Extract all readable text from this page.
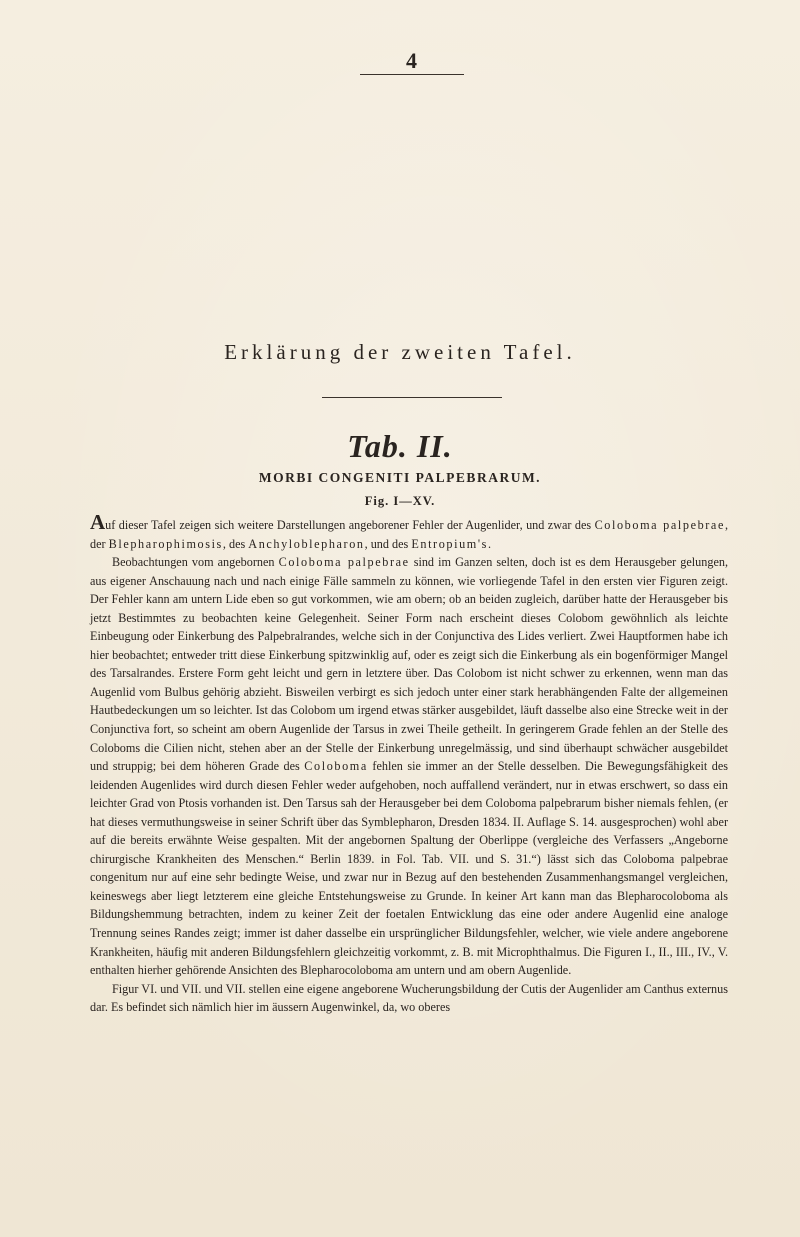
4
Erklärung der zweiten Tafel.
Tab. II.
MORBI CONGENITI PALPEBRARUM.
Fig. I—XV.

Auf dieser Tafel zeigen sich weitere Darstellungen angeborener Fehler der Augenlider, und zwar des Coloboma palpebrae, der Blepharophimosis, des Anchyloblepharon, und des Entropium's.

Beobachtungen vom angebornen Coloboma palpebrae sind im Ganzen selten, doch ist es dem Herausgeber gelungen, aus eigener Anschauung nach und nach einige Fälle sammeln zu können, wie vorliegende Tafel in den ersten vier Figuren zeigt. Der Fehler kann am untern Lide eben so gut vorkommen, wie am obern; ob an beiden zugleich, darüber hatte der Herausgeber bis jetzt Bestimmtes zu beobachten keine Gelegenheit. Seiner Form nach erscheint dieses Colobom gewöhnlich als leichte Einbeugung oder Einkerbung des Palpebralrandes, welche sich in der Conjunctiva des Lides verliert. Zwei Hauptformen habe ich hier beobachtet; entweder tritt diese Einkerbung spitzwinklig auf, oder es zeigt sich die Einkerbung als ein bogenförmiger Mangel des Tarsalrandes. Erstere Form geht leicht und gern in letztere über. Das Colobom ist nicht schwer zu erkennen, wenn man das Augenlid vom Bulbus gehörig abzieht. Bisweilen verbirgt es sich jedoch unter einer stark herabhängenden Falte der allgemeinen Hautbedeckungen um so leichter. Ist das Colobom um irgend etwas stärker ausgebildet, läuft dasselbe also eine Strecke weit in der Conjunctiva fort, so scheint am obern Augenlide der Tarsus in zwei Theile getheilt. In geringerem Grade fehlen an der Stelle des Coloboms die Cilien nicht, stehen aber an der Stelle der Einkerbung unregelmässig, und sind überhaupt schwächer ausgebildet und struppig; bei dem höheren Grade des Coloboma fehlen sie immer an der Stelle desselben. Die Bewegungsfähigkeit des leidenden Augenlides wird durch diesen Fehler weder aufgehoben, noch auffallend verändert, nur in etwas erschwert, so dass ein leichter Grad von Ptosis vorhanden ist. Den Tarsus sah der Herausgeber bei dem Coloboma palpebrarum bisher niemals fehlen, (er hat dieses vermuthungsweise in seiner Schrift über das Symblepharon, Dresden 1834. II. Auflage S. 14. ausgesprochen) wohl aber auf die bereits erwähnte Weise gespalten. Mit der angebornen Spaltung der Oberlippe (vergleiche des Verfassers „Angeborne chirurgische Krankheiten des Menschen.“ Berlin 1839. in Fol. Tab. VII. und S. 31.“) lässt sich das Coloboma palpebrae congenitum nur auf eine sehr bedingte Weise, und zwar nur in Bezug auf den bestehenden Zusammenhangsmangel vergleichen, keineswegs aber liegt letzterem eine gleiche Entstehungsweise zu Grunde. In keiner Art kann man das Blepharocoloboma als Bildungshemmung betrachten, indem zu keiner Zeit der foetalen Entwicklung das eine oder andere Augenlid eine analoge Trennung seines Randes zeigt; immer ist daher dasselbe ein ursprünglicher Bildungsfehler, welcher, wie viele andere angeborene Krankheiten, häufig mit anderen Bildungsfehlern gleichzeitig vorkommt, z. B. mit Microphthalmus. Die Figuren I., II., III., IV., V. enthalten hierher gehörende Ansichten des Blepharocoloboma am untern und am obern Augenlide.

Figur VI. und VII. und VII. stellen eine eigene angeborene Wucherungsbildung der Cutis der Augenlider am Canthus externus dar. Es befindet sich nämlich hier im äussern Augenwinkel, da, wo oberes
